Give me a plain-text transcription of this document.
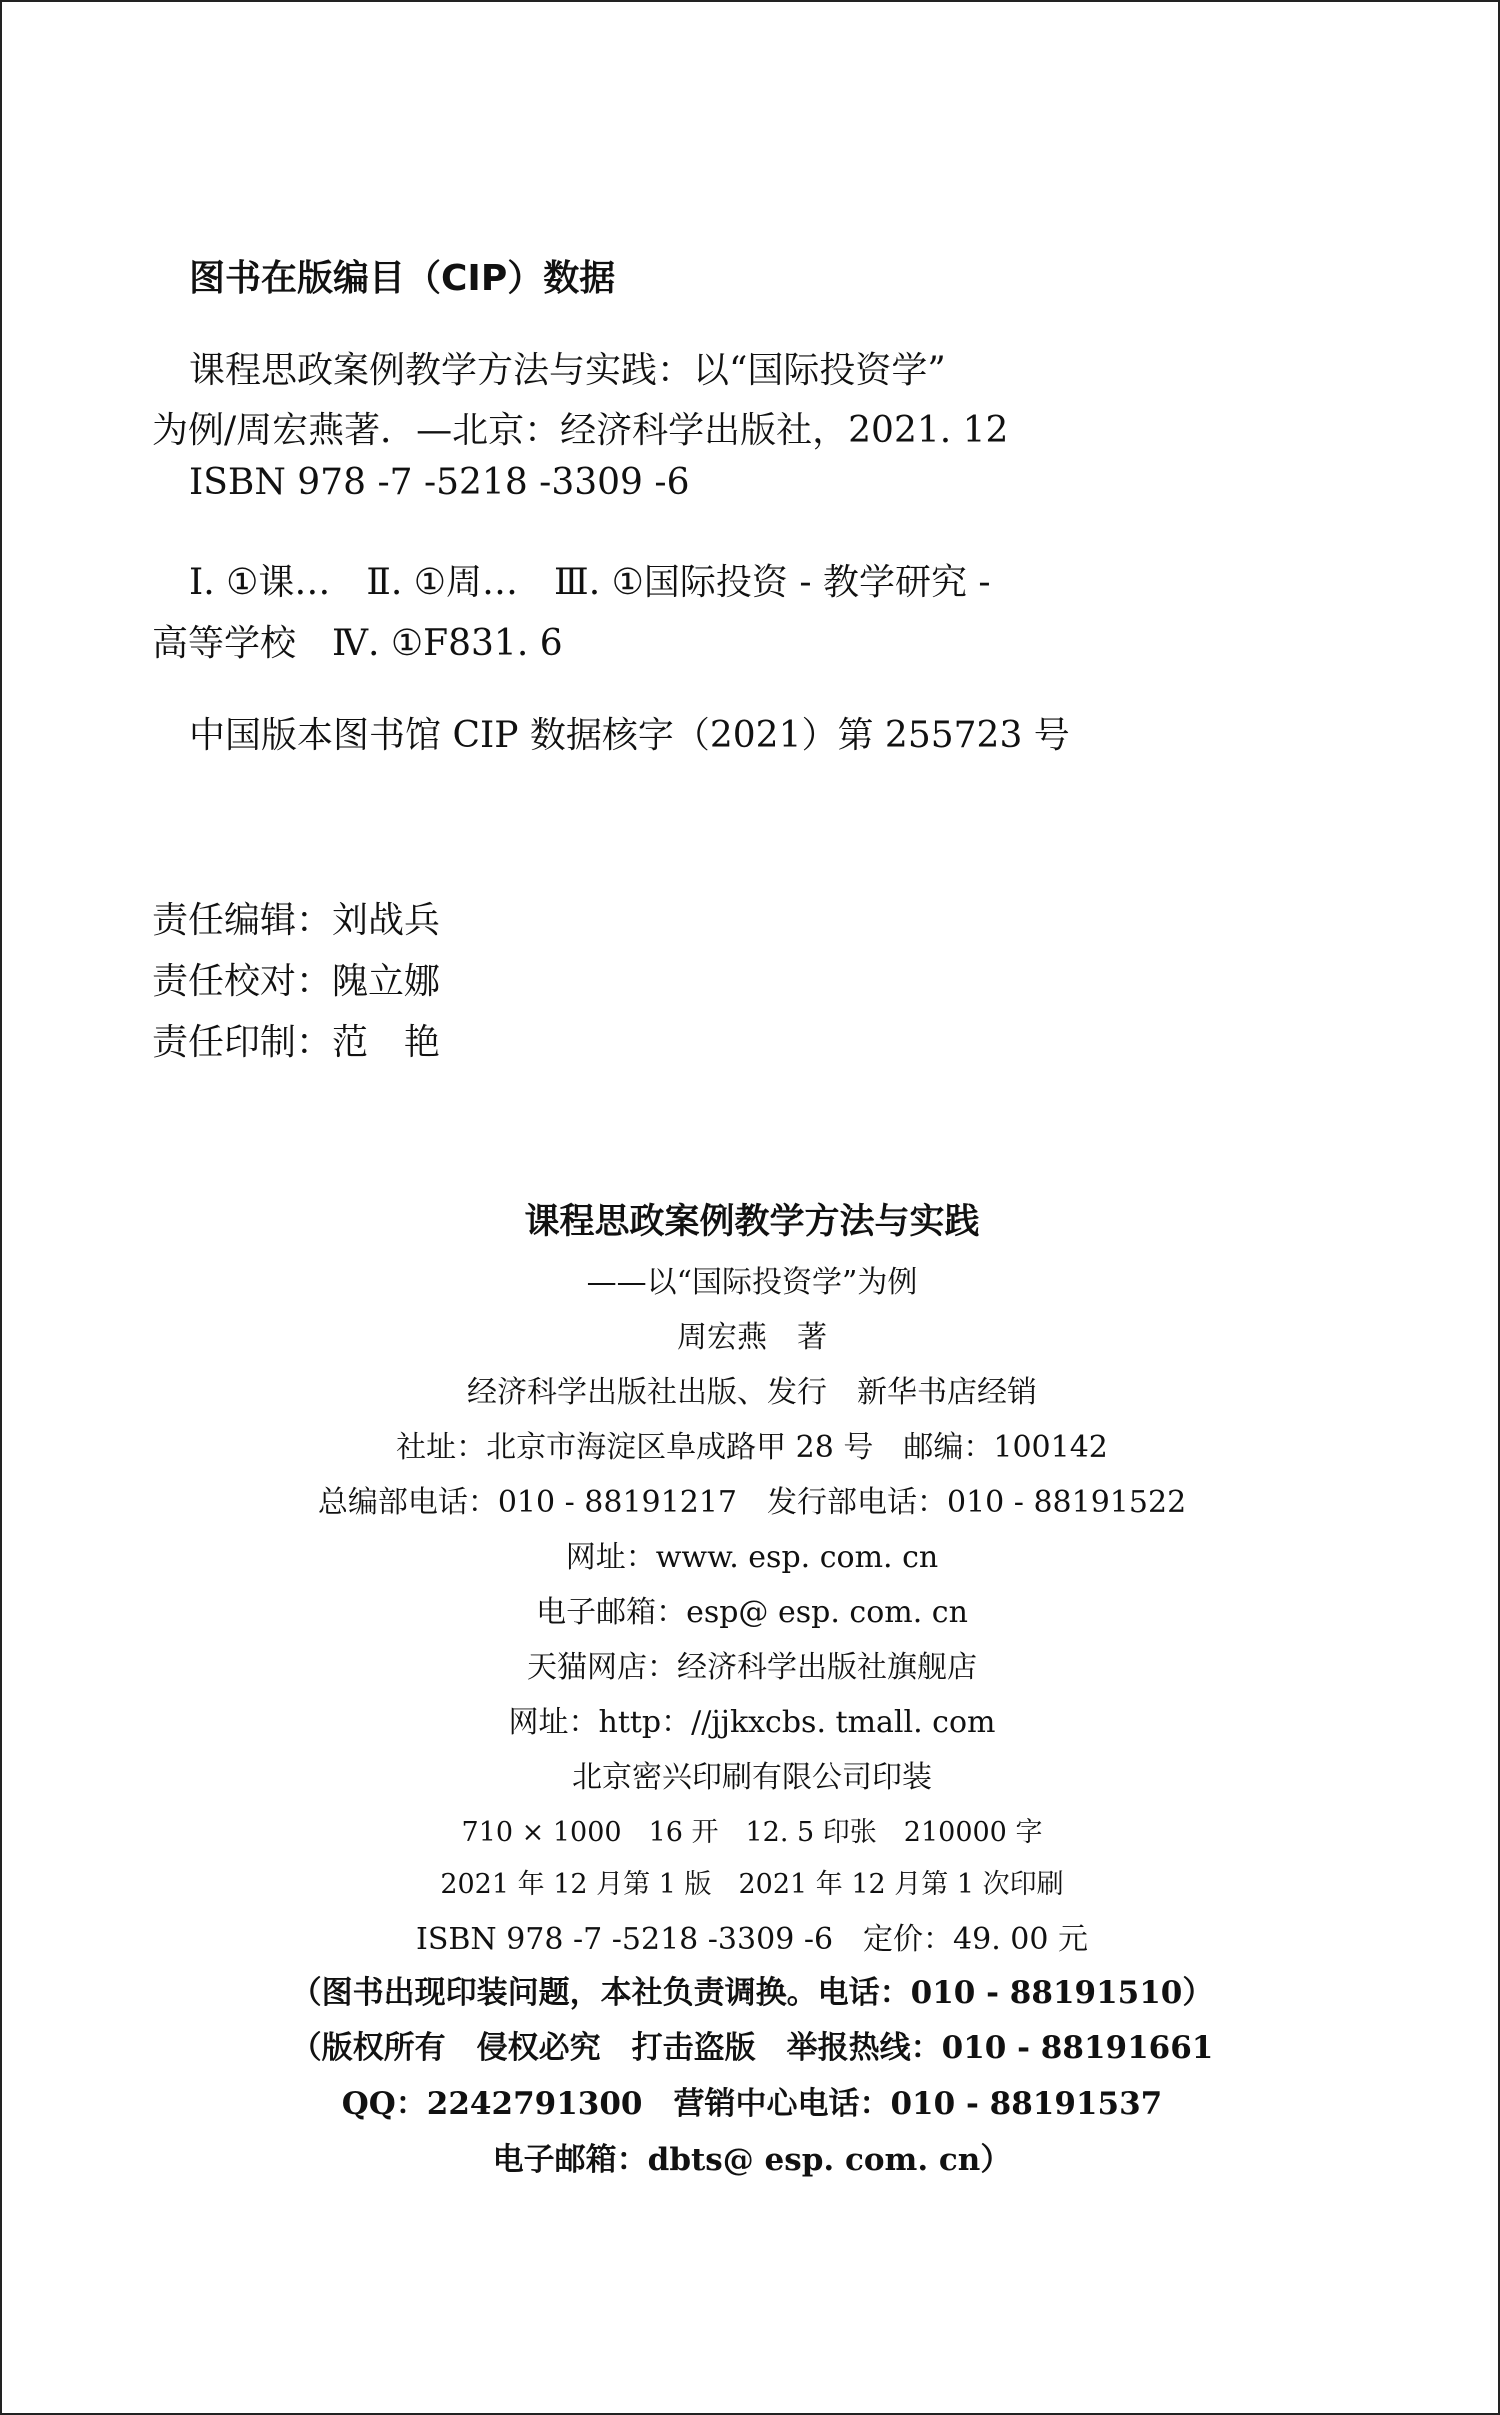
图书在版编目（CIP）数据
课程思政案例教学方法与实践：以“国际投资学”
为例/周宏燕著．—北京：经济科学出版社，2021. 12
ISBN 978 -7 -5218 -3309 -6
Ⅰ. ①课…　Ⅱ. ①周…　Ⅲ. ①国际投资 - 教学研究 -
高等学校　Ⅳ. ①F831. 6
中国版本图书馆 CIP 数据核字（2021）第 255723 号
责任编辑：刘战兵
责任校对：隗立娜
责任印制：范　艳
课程思政案例教学方法与实践
——以“国际投资学”为例
周宏燕　著
经济科学出版社出版、发行　新华书店经销
社址：北京市海淀区阜成路甲 28 号　邮编：100142
总编部电话：010 - 88191217　发行部电话：010 - 88191522
网址：www. esp. com. cn
电子邮箱：esp@ esp. com. cn
天猫网店：经济科学出版社旗舰店
网址：http：//jjkxcbs. tmall. com
北京密兴印刷有限公司印装
710 × 1000　16 开　12. 5 印张　210000 字
2021 年 12 月第 1 版　2021 年 12 月第 1 次印刷
ISBN 978 -7 -5218 -3309 -6　定价：49. 00 元
（图书出现印装问题，本社负责调换。电话：010 - 88191510）
（版权所有　侵权必究　打击盗版　举报热线：010 - 88191661
QQ：2242791300　营销中心电话：010 - 88191537
电子邮箱：dbts@ esp. com. cn）
